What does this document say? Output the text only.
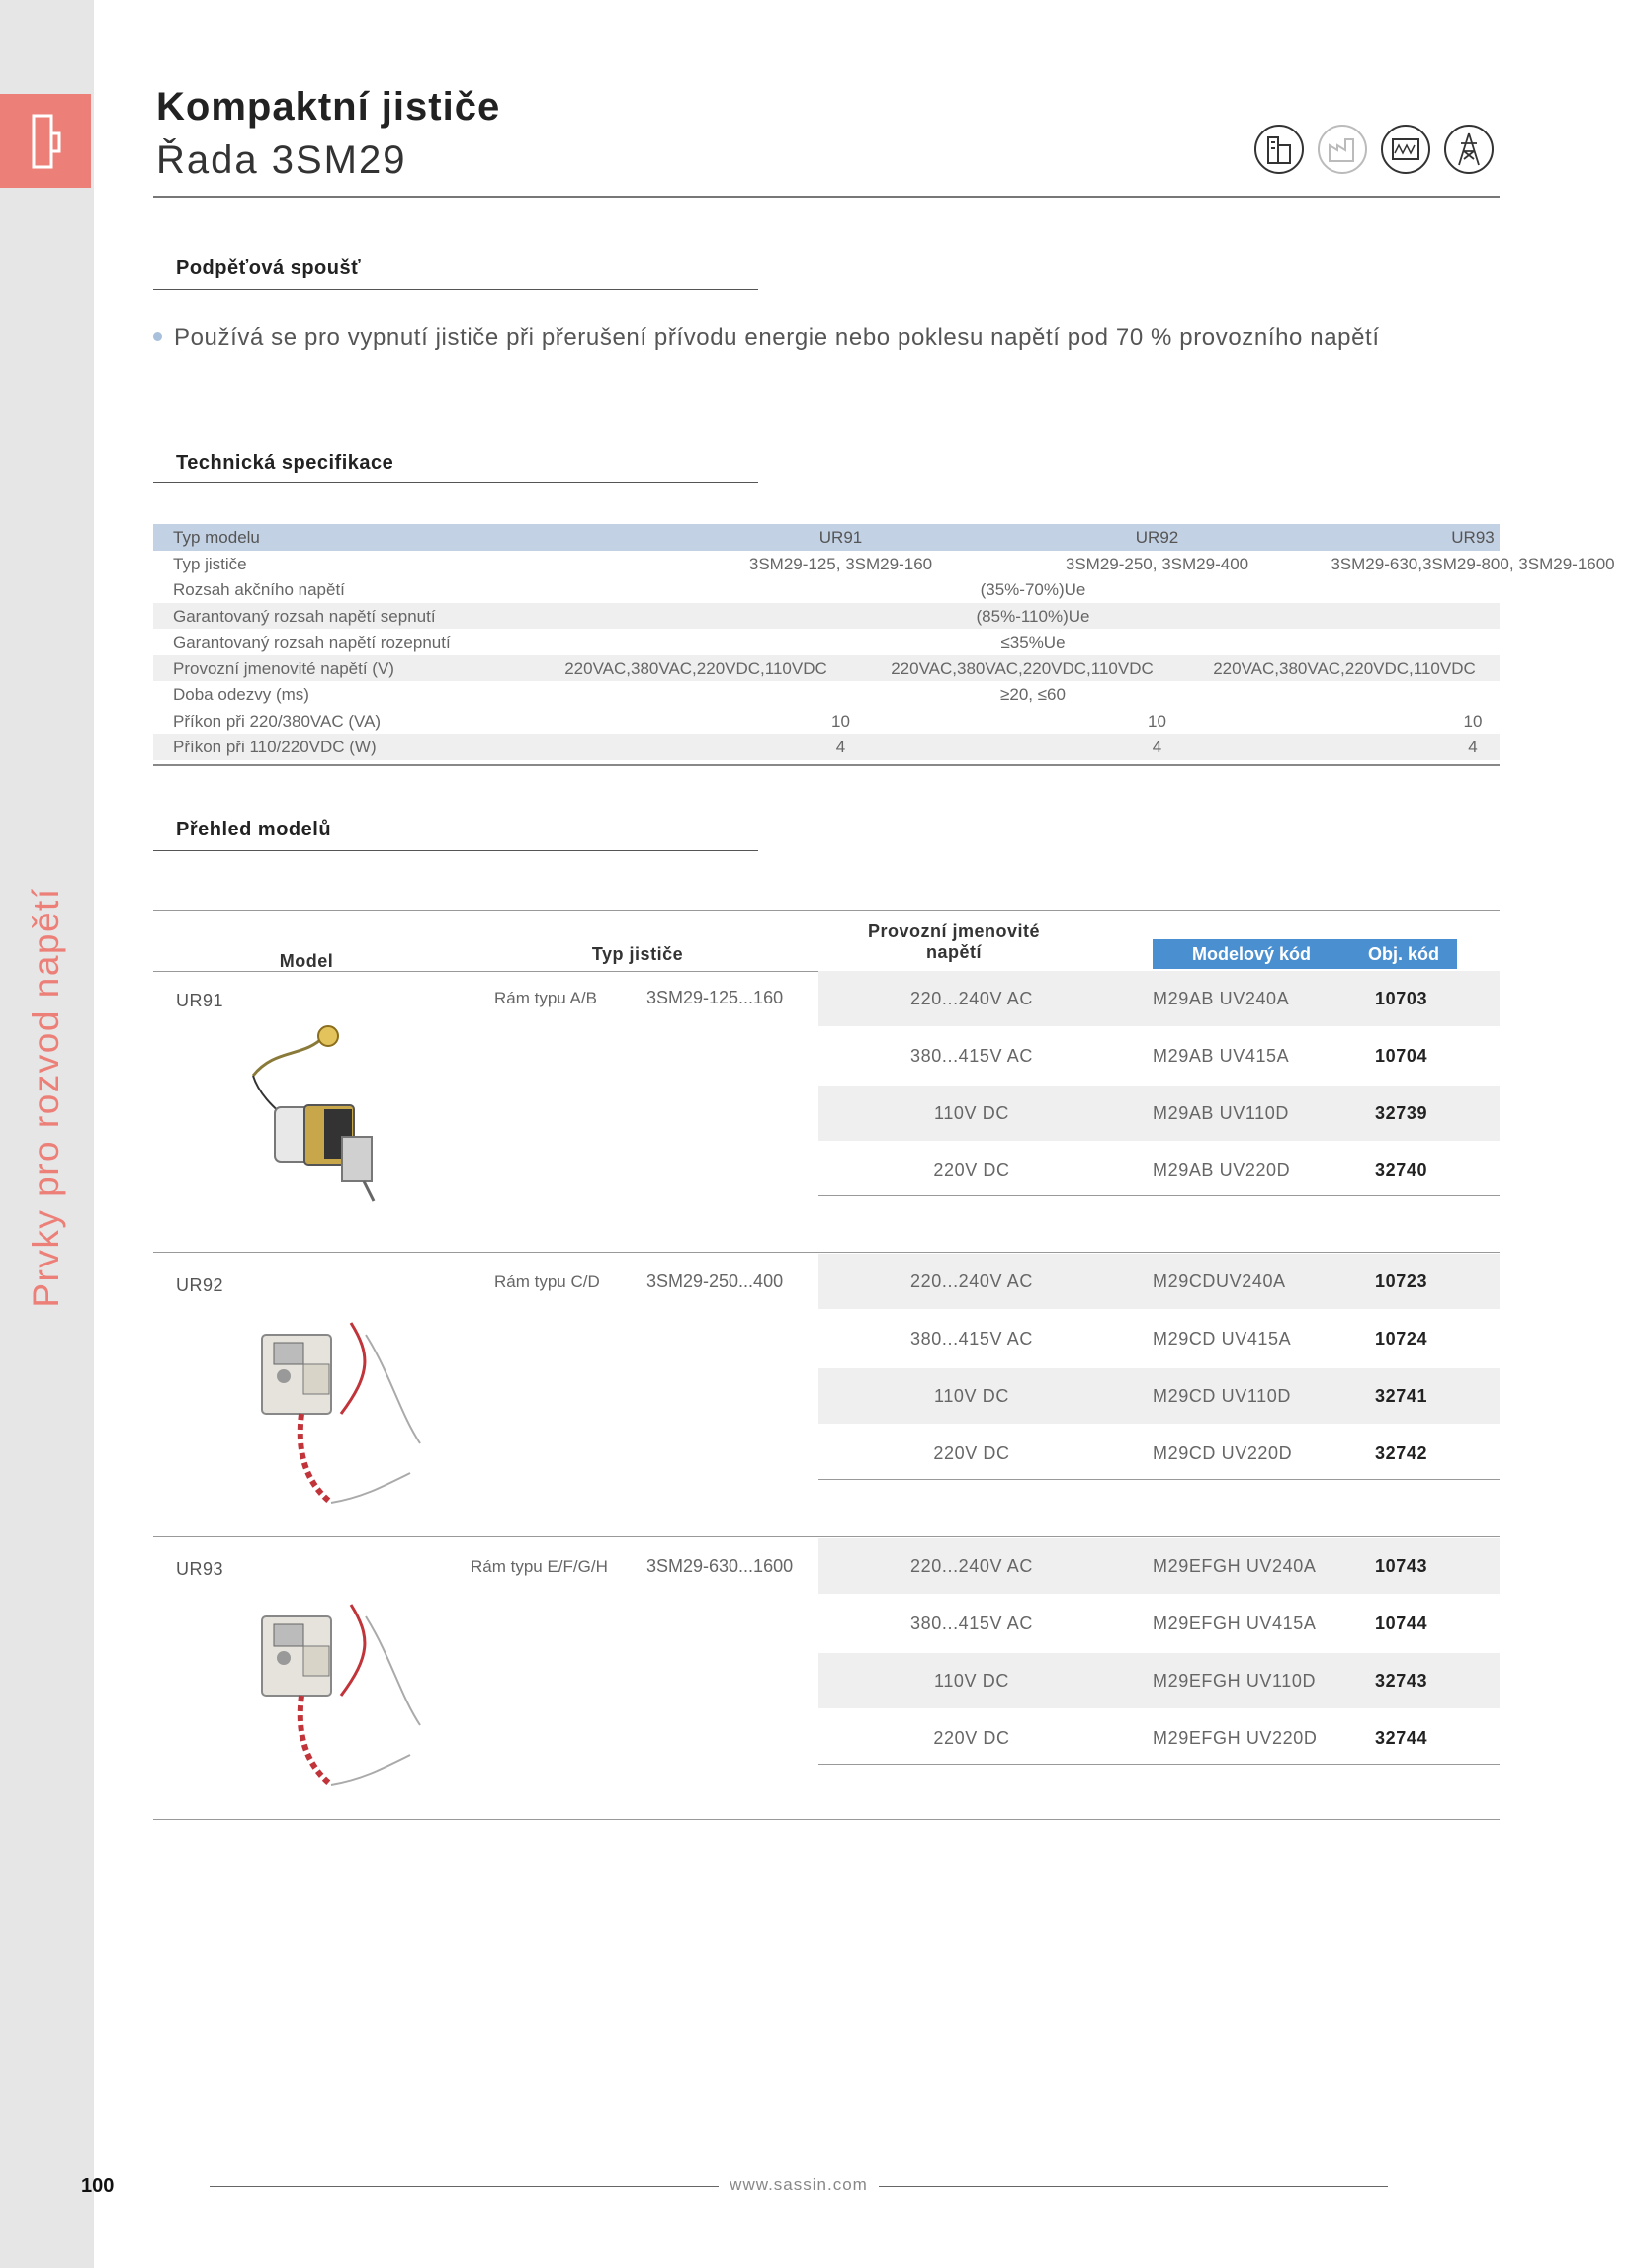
Prvky pro rozvod napětí
100
Kompaktní jističe
Řada 3SM29
Podpěťová spoušť
Používá se pro vypnutí jističe při přerušení přívodu energie nebo poklesu napětí pod 70 % provozního napětí
Technická specifikace
Typ modelu	UR91	UR92	UR93
Typ jističe	3SM29-125, 3SM29-160	3SM29-250, 3SM29-400	3SM29-630,3SM29-800, 3SM29-1600
Rozsah akčního napětí	(35%-70%)Ue
Garantovaný rozsah napětí sepnutí	(85%-110%)Ue
Garantovaný rozsah napětí rozepnutí	≤35%Ue
Provozní jmenovité napětí (V)	220VAC,380VAC,220VDC,110VDC	220VAC,380VAC,220VDC,110VDC	220VAC,380VAC,220VDC,110VDC
Doba odezvy (ms)	≥20, ≤60
Příkon při 220/380VAC (VA)	10	10	10
Příkon při 110/220VDC (W)	4	4	4
Přehled modelů
Model	Typ jističe
Provozní jmenovité
napětí	Modelový kód	Obj. kód
UR91	Rám typu A/B	3SM29-125...160	220...240V AC	M29AB UV240A	10703
380...415V AC	M29AB UV415A	10704
110V DC	M29AB UV110D	32739
220V DC	M29AB UV220D	32740
UR92	Rám typu C/D	3SM29-250...400	220...240V AC	M29CDUV240A	10723
380...415V AC	M29CD UV415A	10724
110V DC	M29CD UV110D	32741
220V DC	M29CD UV220D	32742
UR93	Rám typu E/F/G/H 3SM29-630...1600	220...240V AC	M29EFGH UV240A	10743
380...415V AC	M29EFGH UV415A	10744
110V DC	M29EFGH UV110D	32743
220V DC	M29EFGH UV220D	32744
www.sassin.com
